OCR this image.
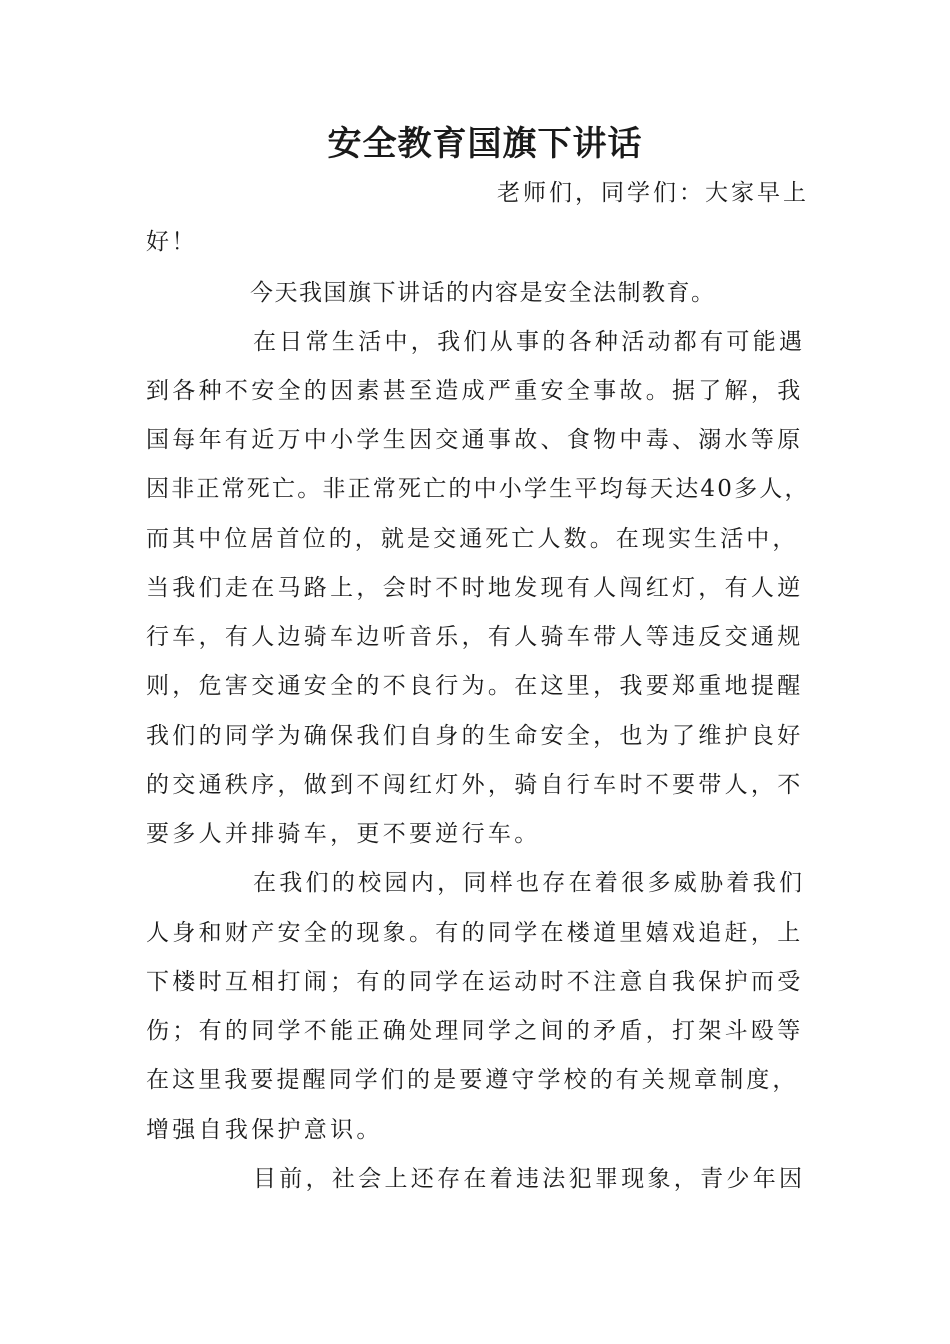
安全教育国旗下讲话
老师们，同学们：大家早上
好！
今天我国旗下讲话的内容是安全法制教育。
在日常生活中，我们从事的各种活动都有可能遇
到各种不安全的因素甚至造成严重安全事故。据了解，我
国每年有近万中小学生因交通事故、食物中毒、溺水等原
因非正常死亡。非正常死亡的中小学生平均每天达40多人，
而其中位居首位的，就是交通死亡人数。在现实生活中，
当我们走在马路上，会时不时地发现有人闯红灯，有人逆
行车，有人边骑车边听音乐，有人骑车带人等违反交通规
则，危害交通安全的不良行为。在这里，我要郑重地提醒
我们的同学为确保我们自身的生命安全，也为了维护良好
的交通秩序，做到不闯红灯外，骑自行车时不要带人，不
要多人并排骑车，更不要逆行车。
在我们的校园内，同样也存在着很多威胁着我们
人身和财产安全的现象。有的同学在楼道里嬉戏追赶，上
下楼时互相打闹；有的同学在运动时不注意自我保护而受
伤；有的同学不能正确处理同学之间的矛盾，打架斗殴等
在这里我要提醒同学们的是要遵守学校的有关规章制度，
增强自我保护意识。
目前，社会上还存在着违法犯罪现象，青少年因
